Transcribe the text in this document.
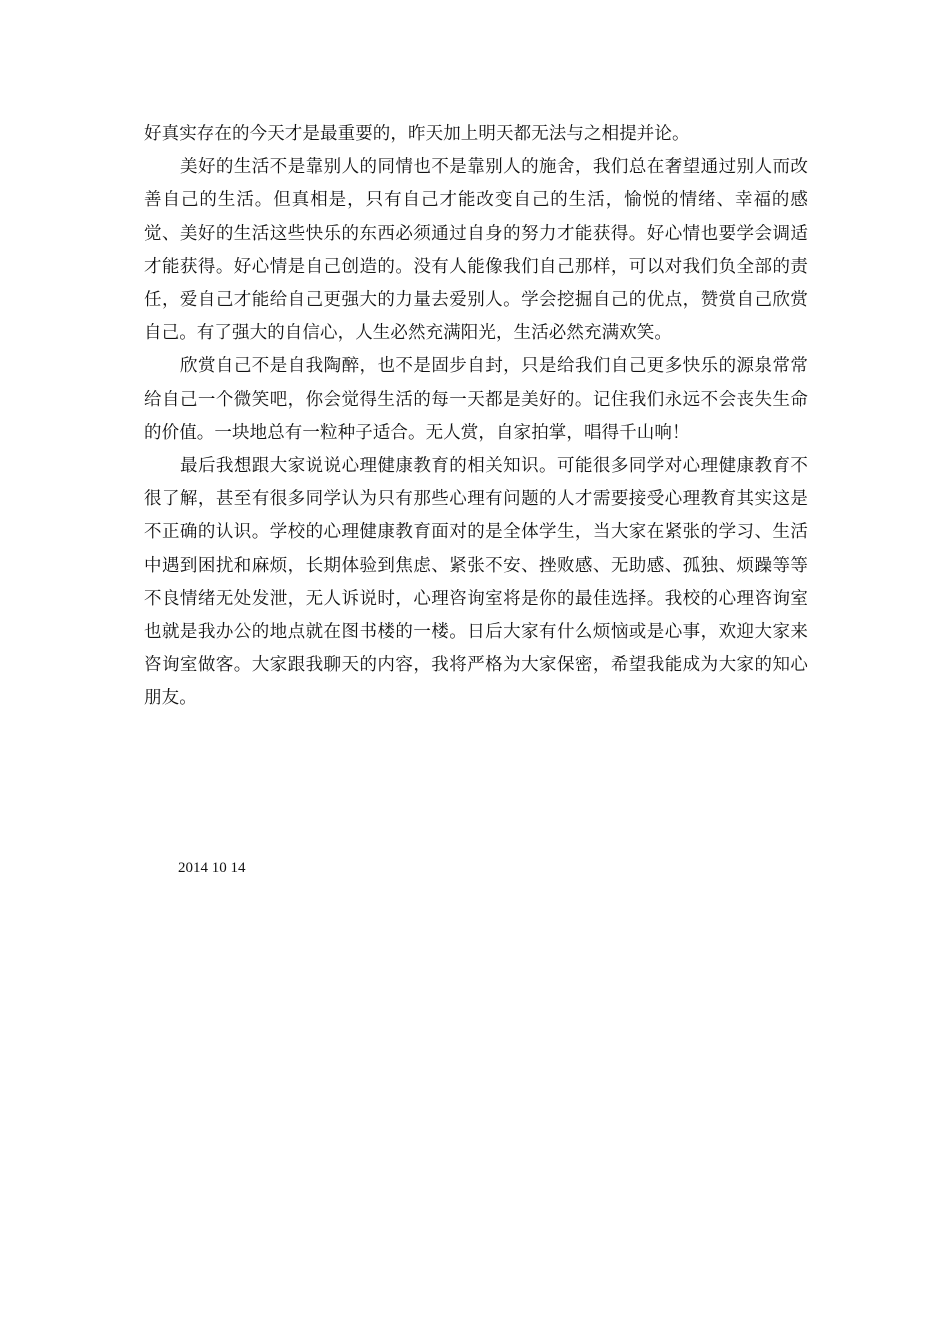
好真实存在的今天才是最重要的，昨天加上明天都无法与之相提并论。

美好的生活不是靠别人的同情也不是靠别人的施舍，我们总在奢望通过别人而改善自己的生活。但真相是，只有自己才能改变自己的生活，愉悦的情绪、幸福的感觉、美好的生活这些快乐的东西必须通过自身的努力才能获得。好心情也要学会调适才能获得。好心情是自己创造的。没有人能像我们自己那样，可以对我们负全部的责任，爱自己才能给自己更强大的力量去爱别人。学会挖掘自己的优点，赞赏自己欣赏自己。有了强大的自信心，人生必然充满阳光，生活必然充满欢笑。

欣赏自己不是自我陶醉，也不是固步自封，只是给我们自己更多快乐的源泉常常给自己一个微笑吧，你会觉得生活的每一天都是美好的。记住我们永远不会丧失生命的价值。一块地总有一粒种子适合。无人赏，自家拍掌，唱得千山响！

最后我想跟大家说说心理健康教育的相关知识。可能很多同学对心理健康教育不很了解，甚至有很多同学认为只有那些心理有问题的人才需要接受心理教育其实这是不正确的认识。学校的心理健康教育面对的是全体学生，当大家在紧张的学习、生活中遇到困扰和麻烦，长期体验到焦虑、紧张不安、挫败感、无助感、孤独、烦躁等等不良情绪无处发泄，无人诉说时，心理咨询室将是你的最佳选择。我校的心理咨询室也就是我办公的地点就在图书楼的一楼。日后大家有什么烦恼或是心事，欢迎大家来咨询室做客。大家跟我聊天的内容，我将严格为大家保密，希望我能成为大家的知心朋友。

2014 10 14
